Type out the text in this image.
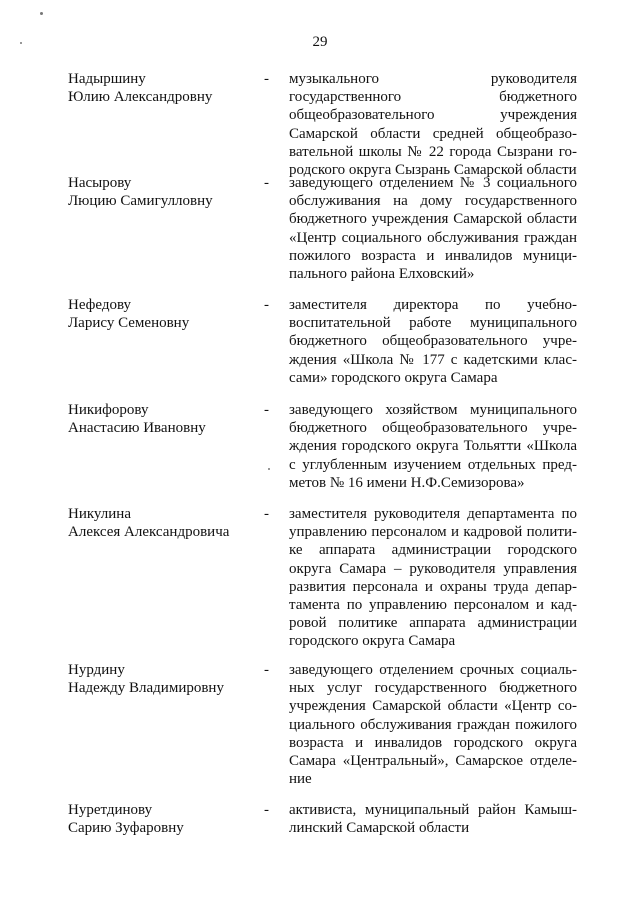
29
Надыршину
Юлию Александровну
- музыкального руководителя государственного бюджетного общеобразовательного учреждения Самарской области средней общеобразовательной школы № 22 города Сызрани городского округа Сызрань Самарской области
Насырову
Люцию Самигулловну
- заведующего отделением № 3 социального обслуживания на дому государственного бюджетного учреждения Самарской области «Центр социального обслуживания граждан пожилого возраста и инвалидов муниципального района Елховский»
Нефедову
Ларису Семеновну
- заместителя директора по учебно-воспитательной работе муниципального бюджетного общеобразовательного учреждения «Школа № 177 с кадетскими классами» городского округа Самара
Никифорову
Анастасию Ивановну
- заведующего хозяйством муниципального бюджетного общеобразовательного учреждения городского округа Тольятти «Школа с углубленным изучением отдельных предметов № 16 имени Н.Ф.Семизорова»
Никулина
Алексея Александровича
- заместителя руководителя департамента по управлению персоналом и кадровой политике аппарата администрации городского округа Самара – руководителя управления развития персонала и охраны труда департамента по управлению персоналом и кадровой политике аппарата администрации городского округа Самара
Нурдину
Надежду Владимировну
- заведующего отделением срочных социальных услуг государственного бюджетного учреждения Самарской области «Центр социального обслуживания граждан пожилого возраста и инвалидов городского округа Самара «Центральный», Самарское отделение
Нуретдинову
Сарию Зуфаровну
- активиста, муниципальный район Камышлинский Самарской области
